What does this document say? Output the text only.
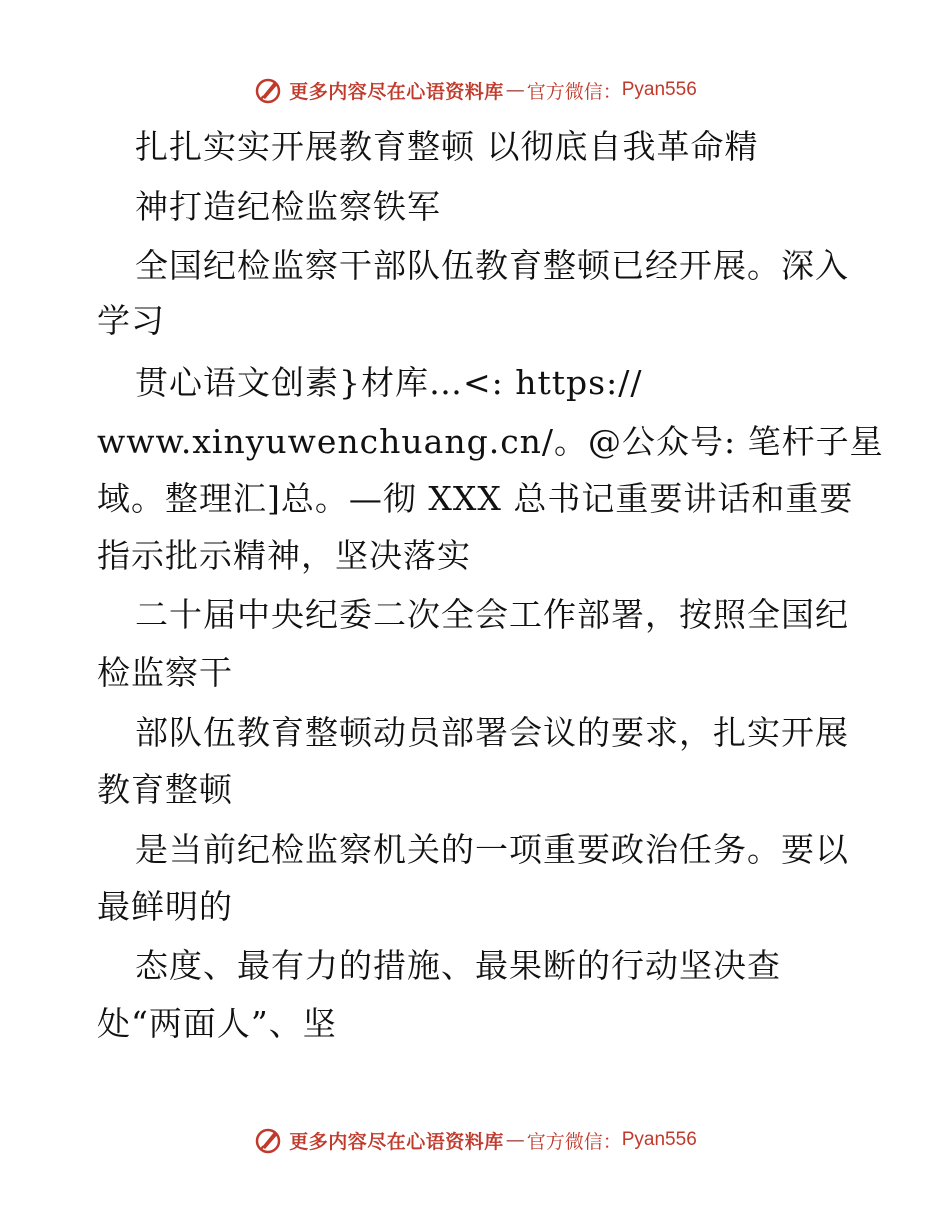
更多内容尽在心语资料库 — 官方微信： Pyan556
扎扎实实开展教育整顿 以彻底自我革命精
神打造纪检监察铁军
全国纪检监察干部队伍教育整顿已经开展。深入
学习
贯心语文创素}材库…<: https://
www.xinyuwenchuang.cn/。@公众号: 笔杆子星
域。整理汇]总。—彻 XXX 总书记重要讲话和重要
指示批示精神，坚决落实
二十届中央纪委二次全会工作部署，按照全国纪
检监察干
部队伍教育整顿动员部署会议的要求，扎实开展
教育整顿
是当前纪检监察机关的一项重要政治任务。要以
最鲜明的
态度、最有力的措施、最果断的行动坚决查
处“两面人”、坚
更多内容尽在心语资料库 — 官方微信： Pyan556
